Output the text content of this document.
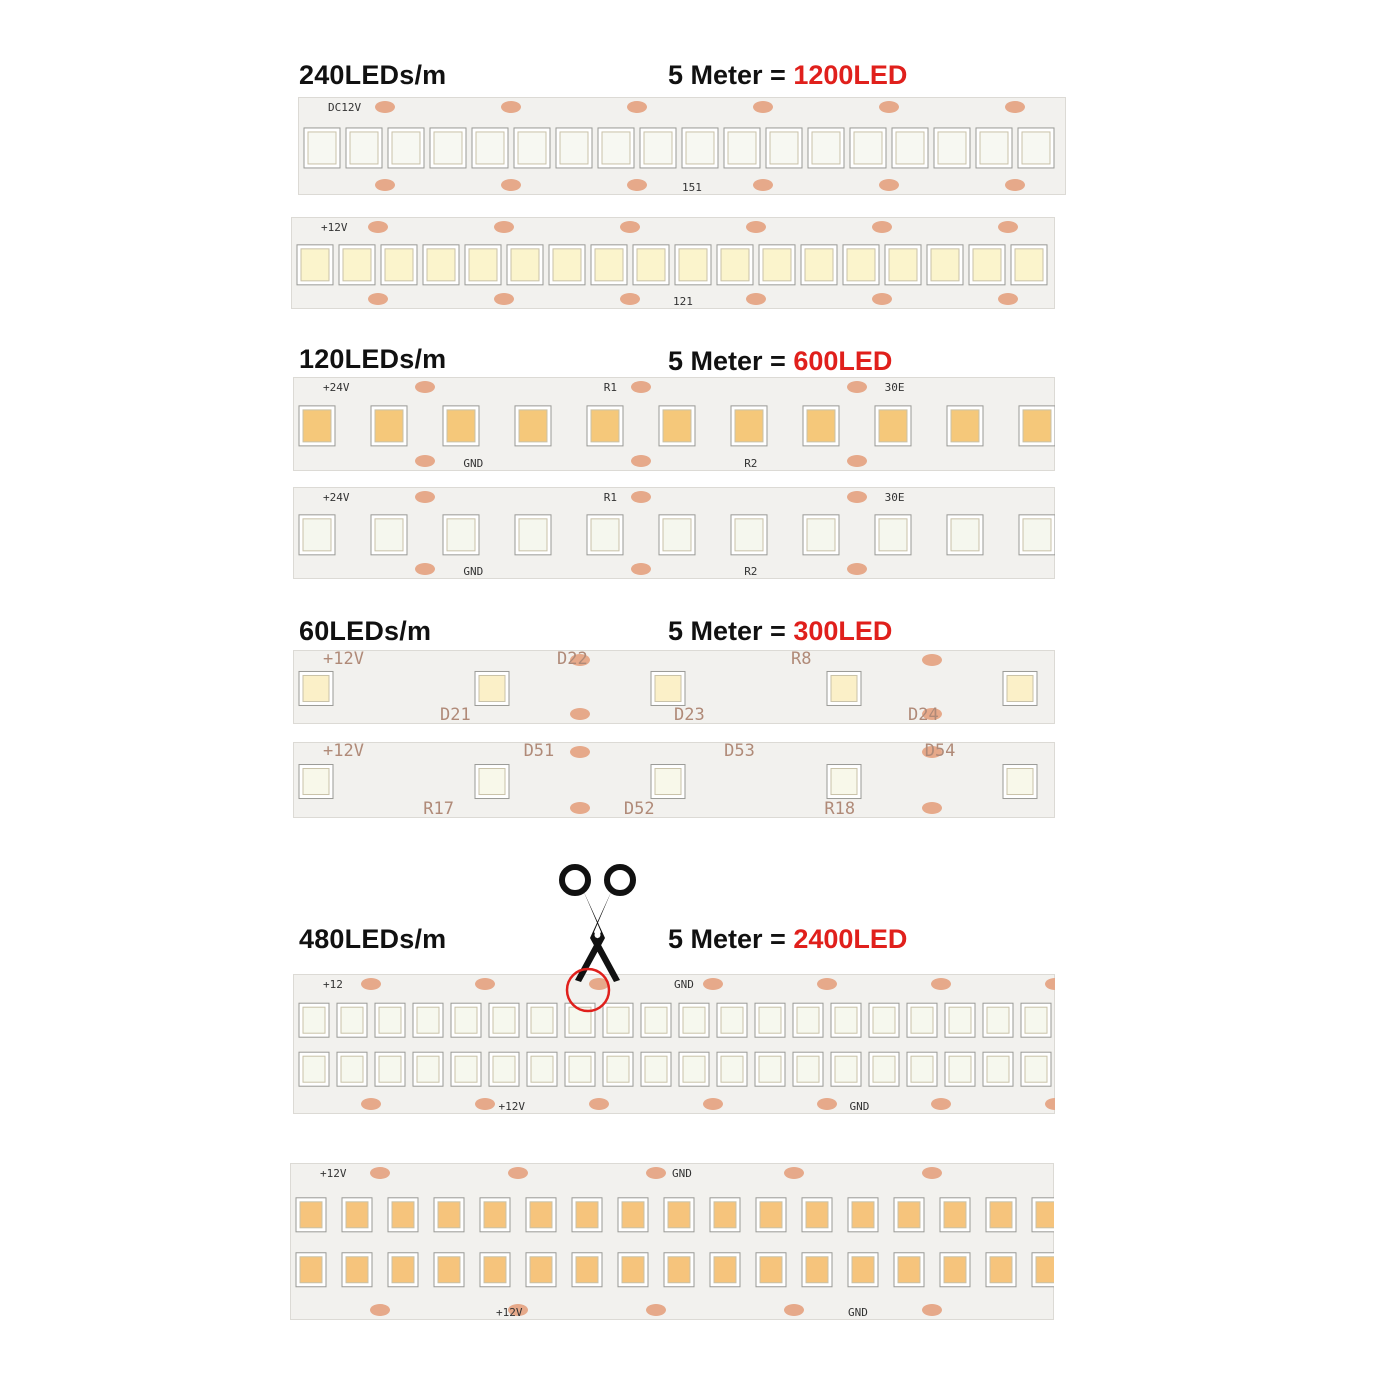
240LEDs/m	5 Meter = 1200LED
DC12V
151
+12V
121
120LEDs/m	5 Meter = 600LED
+24V
GND
R1
R2
30E
+24V
GND
R1
R2
30E
60LEDs/m	5 Meter = 300LED
+12V
D21
D22
D23
R8
D24
+12V
R17
D51
D52
D53
R18
D54
480LEDs/m	5 Meter = 2400LED
+12
+12V
GND
GND
+12V
+12V
GND
GND
